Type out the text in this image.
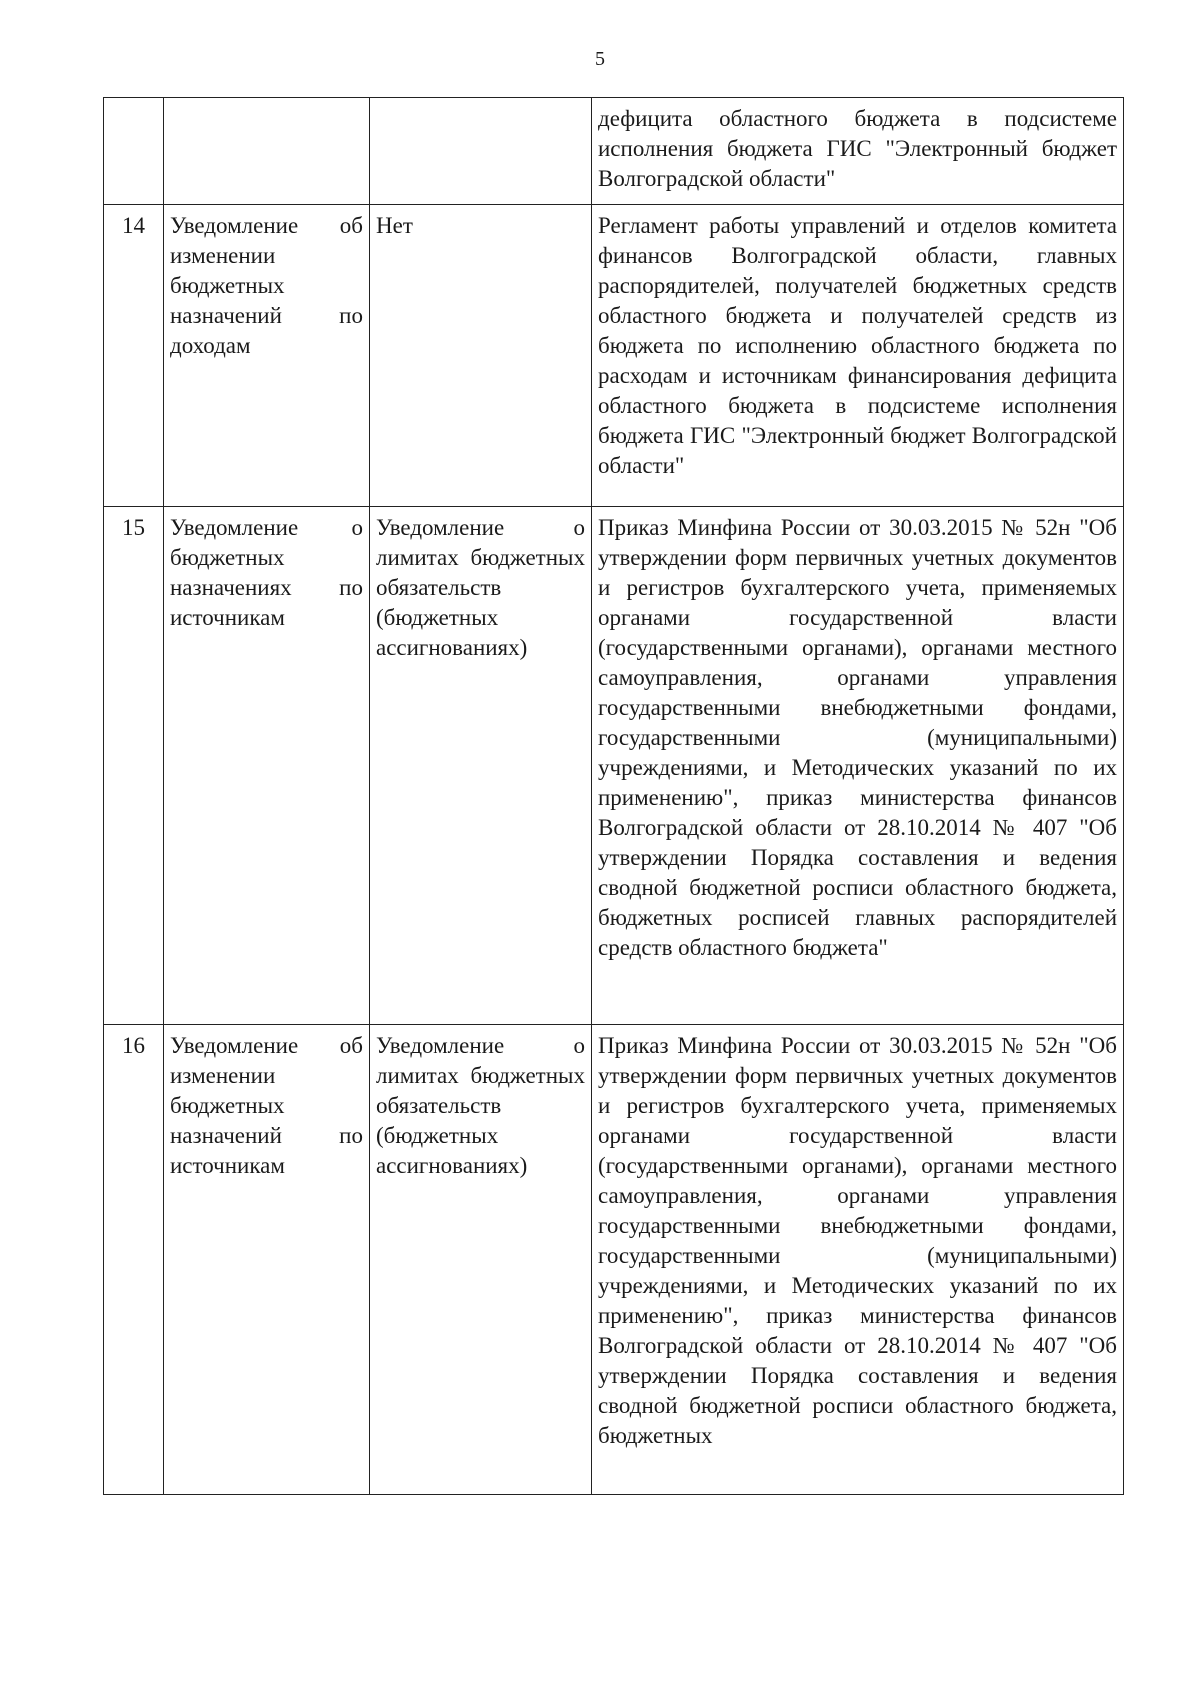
5

			дефицита областного бюджета в подсистеме исполнения бюджета ГИС "Электронный бюджет Волгоградской области"

14	Уведомление об изменении бюджетных назначений по доходам	Нет	Регламент работы управлений и отделов комитета финансов Волгоградской области, главных распорядителей, получателей бюджетных средств областного бюджета и получателей средств из бюджета по исполнению областного бюджета по расходам и источникам финансирования дефицита областного бюджета в подсистеме исполнения бюджета ГИС "Электронный бюджет Волгоградской области"

15	Уведомление о бюджетных назначениях по источникам	Уведомление о лимитах бюджетных обязательств (бюджетных ассигнованиях)	Приказ Минфина России от 30.03.2015 № 52н "Об утверждении форм первичных учетных документов и регистров бухгалтерского учета, применяемых органами государственной власти (государственными органами), органами местного самоуправления, органами управления государственными внебюджетными фондами, государственными (муниципальными) учреждениями, и Методических указаний по их применению", приказ министерства финансов Волгоградской области от 28.10.2014 № 407 "Об утверждении Порядка составления и ведения сводной бюджетной росписи областного бюджета, бюджетных росписей главных распорядителей средств областного бюджета"

16	Уведомление об изменении бюджетных назначений по источникам	Уведомление о лимитах бюджетных обязательств (бюджетных ассигнованиях)	Приказ Минфина России от 30.03.2015 № 52н "Об утверждении форм первичных учетных документов и регистров бухгалтерского учета, применяемых органами государственной власти (государственными органами), органами местного самоуправления, органами управления государственными внебюджетными фондами, государственными (муниципальными) учреждениями, и Методических указаний по их применению", приказ министерства финансов Волгоградской области от 28.10.2014 № 407 "Об утверждении Порядка составления и ведения сводной бюджетной росписи областного бюджета, бюджетных
